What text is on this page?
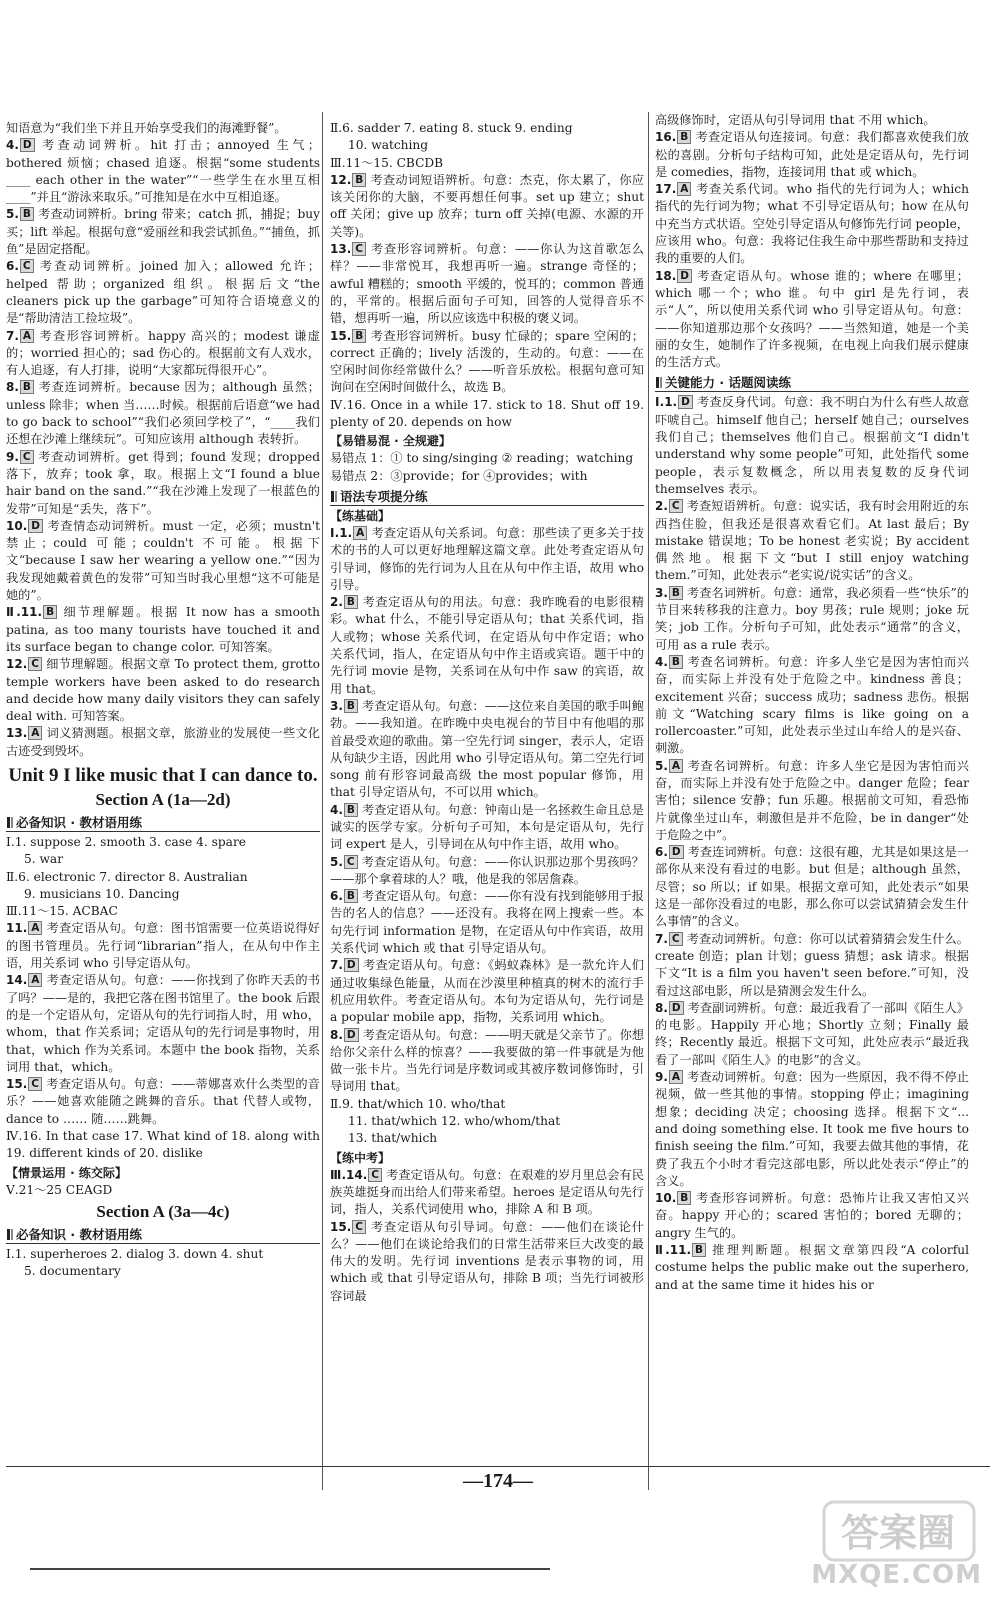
知语意为“我们坐下并且开始享受我们的海滩野餐”。
4. D 考查动词辨析。hit 打击；annoyed 生气；bothered 烦恼；chased 追逐。根据“some students ____ each other in the water”“一些学生在水里互相 ____”并且“游泳来取乐。”可推知是在水中互相追逐。
5. B 考查动词辨析。bring 带来；catch 抓，捕捉；buy 买；lift 举起。根据句意“爱丽丝和我尝试抓鱼。”“捕鱼，抓鱼”是固定搭配。
6. C 考查动词辨析。joined 加入；allowed 允许；helped 帮助；organized 组织。根据后文“the cleaners pick up the garbage”可知符合语境意义的是“帮助清洁工捡垃圾”。
7. A 考查形容词辨析。happy 高兴的；modest 谦虚的；worried 担心的；sad 伤心的。根据前文有人戏水，有人追逐，有人打排，说明“大家都玩得很开心”。
8. B 考查连词辨析。because 因为；although 虽然；unless 除非；when 当……时候。根据前后语意“we had to go back to school”“我们必须回学校了”，“____我们还想在沙滩上继续玩”。可知应该用 although 表转折。
9. C 考查动词辨析。get 得到；found 发现；dropped 落下，放弃；took 拿，取。根据上文“I found a blue hair band on the sand.”“我在沙滩上发现了一根蓝色的发带”可知是“丢失，落下”。
10. D 考查情态动词辨析。must 一定，必须；mustn't 禁止；could 可能；couldn't 不可能。根据下文“because I saw her wearing a yellow one.”“因为我发现她戴着黄色的发带”可知当时我心里想“这不可能是她的”。
Ⅱ.11. B 细节理解题。根据 It now has a smooth patina, as too many tourists have touched it and its surface began to change color. 可知答案。
12. C 细节理解题。根据文章 To protect them, grotto temple workers have been asked to do research and decide how many daily visitors they can safely deal with. 可知答案。
13. A 词义猜测题。根据文章，旅游业的发展使一些文化古迹受到毁坏。
Unit 9 I like music that I can dance to.
Section A (1a—2d)
必备知识 · 教材语用练
Ⅰ.1. suppose 2. smooth 3. case 4. spare
5. war
Ⅱ.6. electronic 7. director 8. Australian
9. musicians 10. Dancing
Ⅲ.11～15. ACBAC
11. A 考查定语从句。句意：图书馆需要一位英语说得好的图书管理员。先行词“librarian”指人，在从句中作主语，用关系词 who 引导定语从句。
14. A 考查定语从句。句意：——你找到了你昨天丢的书了吗？——是的，我把它落在图书馆里了。the book 后跟的是一个定语从句，定语从句的先行词指人时，用 who，whom，that 作关系词；定语从句的先行词是事物时，用 that，which 作为关系词。本题中 the book 指物，关系词用 that，which。
15. C 考查定语从句。句意：——蒂娜喜欢什么类型的音乐？——她喜欢能随之跳舞的音乐。that 代替人或物，dance to …… 随……跳舞。
Ⅳ.16. In that case 17. What kind of 18. along with 19. different kinds of 20. dislike
【情景运用 · 练交际】
Ⅴ.21～25 CEAGD
Section A (3a—4c)
必备知识 · 教材语用练
Ⅰ.1. superheroes 2. dialog 3. down 4. shut
5. documentary
Ⅱ.6. sadder 7. eating 8. stuck 9. ending
10. watching
Ⅲ.11～15. CBCDB
12. B 考查动词短语辨析。句意：杰克，你太累了，你应该关闭你的大脑，不要再想任何事。set up 建立；shut off 关闭；give up 放弃；turn off 关掉(电源、水源的开关等)。
13. C 考查形容词辨析。句意：——你认为这首歌怎么样？——非常悦耳，我想再听一遍。strange 奇怪的；awful 糟糕的；smooth 平缓的，悦耳的；common 普通的，平常的。根据后面句子可知，回答的人觉得音乐不错，想再听一遍，所以应该选中积极的褒义词。
15. B 考查形容词辨析。busy 忙碌的；spare 空闲的；correct 正确的；lively 活泼的，生动的。句意：——在空闲时间你经常做什么？——听音乐放松。根据句意可知询问在空闲时间做什么，故选 B。
Ⅳ.16. Once in a while 17. stick to 18. Shut off 19. plenty of 20. depends on how
【易错易混 · 全规避】
易错点 1：① to sing/singing ② reading；watching
易错点 2：③provide；for ④provides；with
语法专项提分练
【练基础】
Ⅰ.1. A 考查定语从句关系词。句意：那些读了更多关于技术的书的人可以更好地理解这篇文章。此处考查定语从句引导词，修饰的先行词为人且在从句中作主语，故用 who 引导。
2. B 考查定语从句的用法。句意：我昨晚看的电影很精彩。what 什么，不能引导定语从句；that 关系代词，指人或物；whose 关系代词，在定语从句中作定语；who 关系代词，指人，在定语从句中作主语或宾语。题干中的先行词 movie 是物，关系词在从句中作 saw 的宾语，故用 that。
3. B 考查定语从句。句意：——这位来自美国的歌手叫鲍勃。——我知道。在昨晚中央电视台的节目中有他唱的那首最受欢迎的歌曲。第一空先行词 singer，表示人，定语从句缺少主语，因此用 who 引导定语从句。第二空先行词 song 前有形容词最高级 the most popular 修饰，用 that 引导定语从句，不可以用 which。
4. B 考查定语从句。句意：钟南山是一名拯救生命且总是诚实的医学专家。分析句子可知，本句是定语从句，先行词 expert 是人，引导词在从句中作主语，故用 who。
5. C 考查定语从句。句意：——你认识那边那个男孩吗？——那个拿着球的人？哦，他是我的邻居詹森。
6. B 考查定语从句。句意：——你有没有找到能够用于报告的名人的信息？——还没有。我将在网上搜索一些。本句先行词 information 是物，在定语从句中作宾语，故用关系代词 which 或 that 引导定语从句。
7. D 考查定语从句。句意：《蚂蚁森林》是一款允许人们通过收集绿色能量，从而在沙漠里种植真的树木的流行手机应用软件。考查定语从句。本句为定语从句，先行词是 a popular mobile app，指物，关系词用 which。
8. D 考查定语从句。句意：——明天就是父亲节了。你想给你父亲什么样的惊喜？——我要做的第一件事就是为他做一张卡片。当先行词是序数词或其被序数词修饰时，引导词用 that。
Ⅱ.9. that/which 10. who/that
11. that/which 12. who/whom/that
13. that/which
【练中考】
Ⅲ.14. C 考查定语从句。句意：在艰难的岁月里总会有民族英雄挺身而出给人们带来希望。heroes 是定语从句先行词，指人，关系代词使用 who，排除 A 和 B 项。
15. C 考查定语从句引导词。句意：——他们在谈论什么？——他们在谈论给我们的日常生活带来巨大改变的最伟大的发明。先行词 inventions 是表示事物的词，用 which 或 that 引导定语从句，排除 B 项；当先行词被形容词最
高级修饰时，定语从句引导词用 that 不用 which。
16. B 考查定语从句连接词。句意：我们都喜欢使我们放松的喜剧。分析句子结构可知，此处是定语从句，先行词是 comedies，指物，连接词用 that 或 which。
17. A 考查关系代词。who 指代的先行词为人；which 指代的先行词为物；what 不引导定语从句；how 在从句中充当方式状语。空处引导定语从句修饰先行词 people，应该用 who。句意：我将记住我生命中那些帮助和支持过我的重要的人们。
18. D 考查定语从句。whose 谁的；where 在哪里；which 哪一个；who 谁。句中 girl 是先行词，表示“人”，所以使用关系代词 who 引导定语从句。句意：——你知道那边那个女孩吗？——当然知道，她是一个美丽的女生，她制作了许多视频，在电视上向我们展示健康的生活方式。
关键能力 · 话题阅读练
Ⅰ.1. D 考查反身代词。句意：我不明白为什么有些人故意吓唬自己。himself 他自己；herself 她自己；ourselves 我们自己；themselves 他们自己。根据前文“I didn't understand why some people”可知，此处指代 some people，表示复数概念，所以用表复数的反身代词 themselves 表示。
2. C 考查短语辨析。句意：说实话，我有时会用附近的东西挡住脸，但我还是很喜欢看它们。At last 最后；By mistake 错误地；To be honest 老实说；By accident 偶然地。根据下文“but I still enjoy watching them.”可知，此处表示“老实说/说实话”的含义。
3. B 考查名词辨析。句意：通常，我必须看一些“快乐”的节目来转移我的注意力。boy 男孩；rule 规则；joke 玩笑；job 工作。分析句子可知，此处表示“通常”的含义，可用 as a rule 表示。
4. B 考查名词辨析。句意：许多人坐它是因为害怕而兴奋，而实际上并没有处于危险之中。kindness 善良；excitement 兴奋；success 成功；sadness 悲伤。根据前文“Watching scary films is like going on a rollercoaster.”可知，此处表示坐过山车给人的是兴奋、刺激。
5. A 考查名词辨析。句意：许多人坐它是因为害怕而兴奋，而实际上并没有处于危险之中。danger 危险；fear 害怕；silence 安静；fun 乐趣。根据前文可知，看恐怖片就像坐过山车，刺激但是并不危险，be in danger“处于危险之中”。
6. D 考查连词辨析。句意：这很有趣，尤其是如果这是一部你从来没有看过的电影。but 但是；although 虽然，尽管；so 所以；if 如果。根据文章可知，此处表示“如果这是一部你没看过的电影，那么你可以尝试猜猜会发生什么事情”的含义。
7. C 考查动词辨析。句意：你可以试着猜猜会发生什么。create 创造；plan 计划；guess 猜想；ask 请求。根据下文“It is a film you haven't seen before.”可知，没看过这部电影，所以是猜测会发生什么。
8. D 考查副词辨析。句意：最近我看了一部叫《陌生人》的电影。Happily 开心地；Shortly 立刻；Finally 最终；Recently 最近。根据下文可知，此处应表示“最近我看了一部叫《陌生人》的电影”的含义。
9. A 考查动词辨析。句意：因为一些原因，我不得不停止视频，做一些其他的事情。stopping 停止；imagining 想象；deciding 决定；choosing 选择。根据下文“... and doing something else. It took me five hours to finish seeing the film.”可知，我要去做其他的事情，花费了我五个小时才看完这部电影，所以此处表示“停止”的含义。
10. B 考查形容词辨析。句意：恐怖片让我又害怕又兴奋。happy 开心的；scared 害怕的；bored 无聊的；angry 生气的。
Ⅱ.11. B 推理判断题。根据文章第四段“A colorful costume helps the public make out the superhero, and at the same time it hides his or
—174—
答案圈
MXQE.COM
